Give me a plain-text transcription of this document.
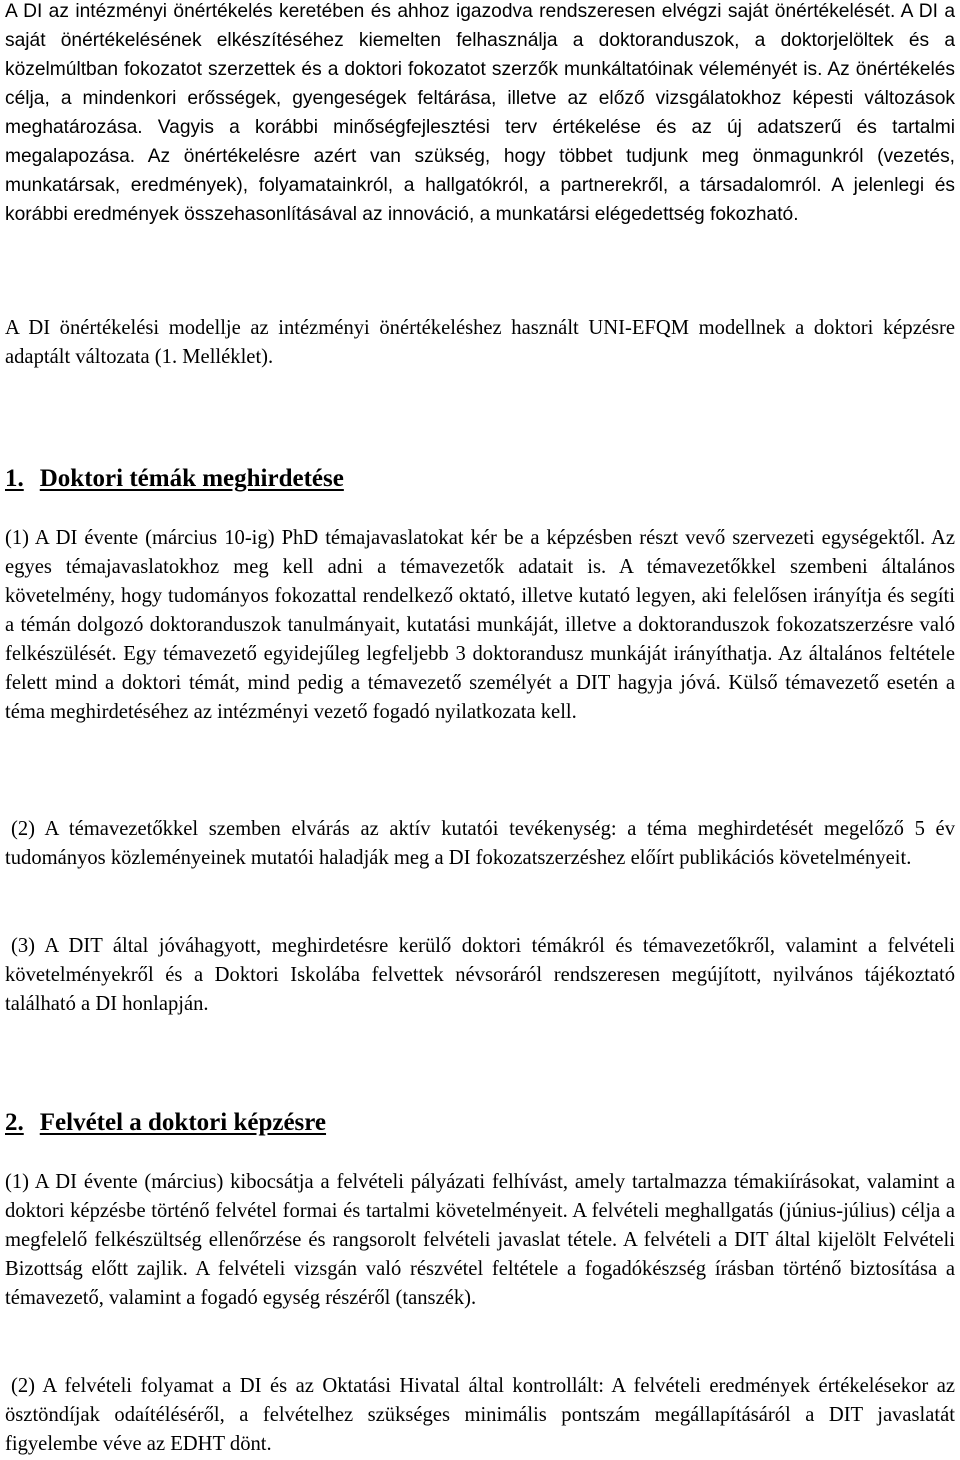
A DI az intézményi önértékelés keretében és ahhoz igazodva rendszeresen elvégzi saját önértékelését. A DI a saját önértékelésének elkészítéséhez kiemelten felhasználja a doktoranduszok, a doktorjelöltek és a közelmúltban fokozatot szerzettek és a doktori fokozatot szerzők munkáltatóinak véleményét is. Az önértékelés célja, a mindenkori erősségek, gyengeségek feltárása, illetve az előző vizsgálatokhoz képesti változások meghatározása. Vagyis a korábbi minőségfejlesztési terv értékelése és az új adatszerű és tartalmi megalapozása. Az önértékelésre azért van szükség, hogy többet tudjunk meg önmagunkról (vezetés, munkatársak, eredmények), folyamatainkról, a hallgatókról, a partnerekről, a társadalomról. A jelenlegi és korábbi eredmények összehasonlításával az innováció, a munkatársi elégedettség fokozható.

A DI önértékelési modellje az intézményi önértékeléshez használt UNI-EFQM modellnek a doktori képzésre adaptált változata (1. Melléklet).

1. Doktori témák meghirdetése

(1) A DI évente (március 10-ig) PhD témajavaslatokat kér be a képzésben részt vevő szervezeti egységektől. Az egyes témajavaslatokhoz meg kell adni a témavezetők adatait is. A témavezetőkkel szembeni általános követelmény, hogy tudományos fokozattal rendelkező oktató, illetve kutató legyen, aki felelősen irányítja és segíti a témán dolgozó doktoranduszok tanulmányait, kutatási munkáját, illetve a doktoranduszok fokozatszerzésre való felkészülését. Egy témavezető egyidejűleg legfeljebb 3 doktorandusz munkáját irányíthatja. Az általános feltétele felett mind a doktori témát, mind pedig a témavezető személyét a DIT hagyja jóvá. Külső témavezető esetén a téma meghirdetéséhez az intézményi vezető fogadó nyilatkozata kell.

(2) A témavezetőkkel szemben elvárás az aktív kutatói tevékenység: a téma meghirdetését megelőző 5 év tudományos közleményeinek mutatói haladják meg a DI fokozatszerzéshez előírt publikációs követelményeit.

(3) A DIT által jóváhagyott, meghirdetésre kerülő doktori témákról és témavezetőkről, valamint a felvételi követelményekről és a Doktori Iskolába felvettek névsoráról rendszeresen megújított, nyilvános tájékoztató található a DI honlapján.

2. Felvétel a doktori képzésre

(1) A DI évente (március) kibocsátja a felvételi pályázati felhívást, amely tartalmazza témakiírásokat, valamint a doktori képzésbe történő felvétel formai és tartalmi követelményeit. A felvételi meghallgatás (június-július) célja a megfelelő felkészültség ellenőrzése és rangsorolt felvételi javaslat tétele. A felvételi a DIT által kijelölt Felvételi Bizottság előtt zajlik. A felvételi vizsgán való részvétel feltétele a fogadókészség írásban történő biztosítása a témavezető, valamint a fogadó egység részéről (tanszék).

(2) A felvételi folyamat a DI és az Oktatási Hivatal által kontrollált: A felvételi eredmények értékelésekor az ösztöndíjak odaítéléséről, a felvételhez szükséges minimális pontszám megállapításáról a DIT javaslatát figyelembe véve az EDHT dönt.
